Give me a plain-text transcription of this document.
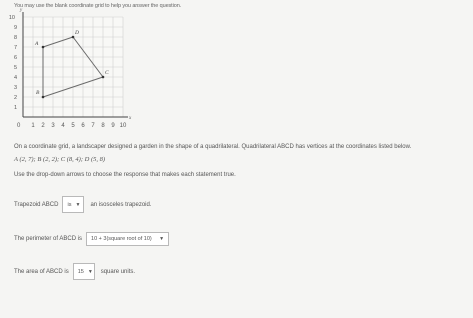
You may use the blank coordinate grid to help you answer the question.
1 2 3 4 5 6 7 8 9 10
1
2
3
4
5
6
7
8
9
10
y
x
0
A
B
C
D
On a coordinate grid, a landscaper designed a garden in the shape of a quadrilateral. Quadrilateral ABCD has vertices at the coordinates listed below.
A (2, 7); B (2, 2); C (8, 4); D (5, 8)
Use the drop-down arrows to choose the response that makes each statement true.
Trapezoid ABCD is ▼ an isosceles trapezoid.
The perimeter of ABCD is 10 + 3(square root of 10) ▼
The area of ABCD is 15 ▼ square units.
